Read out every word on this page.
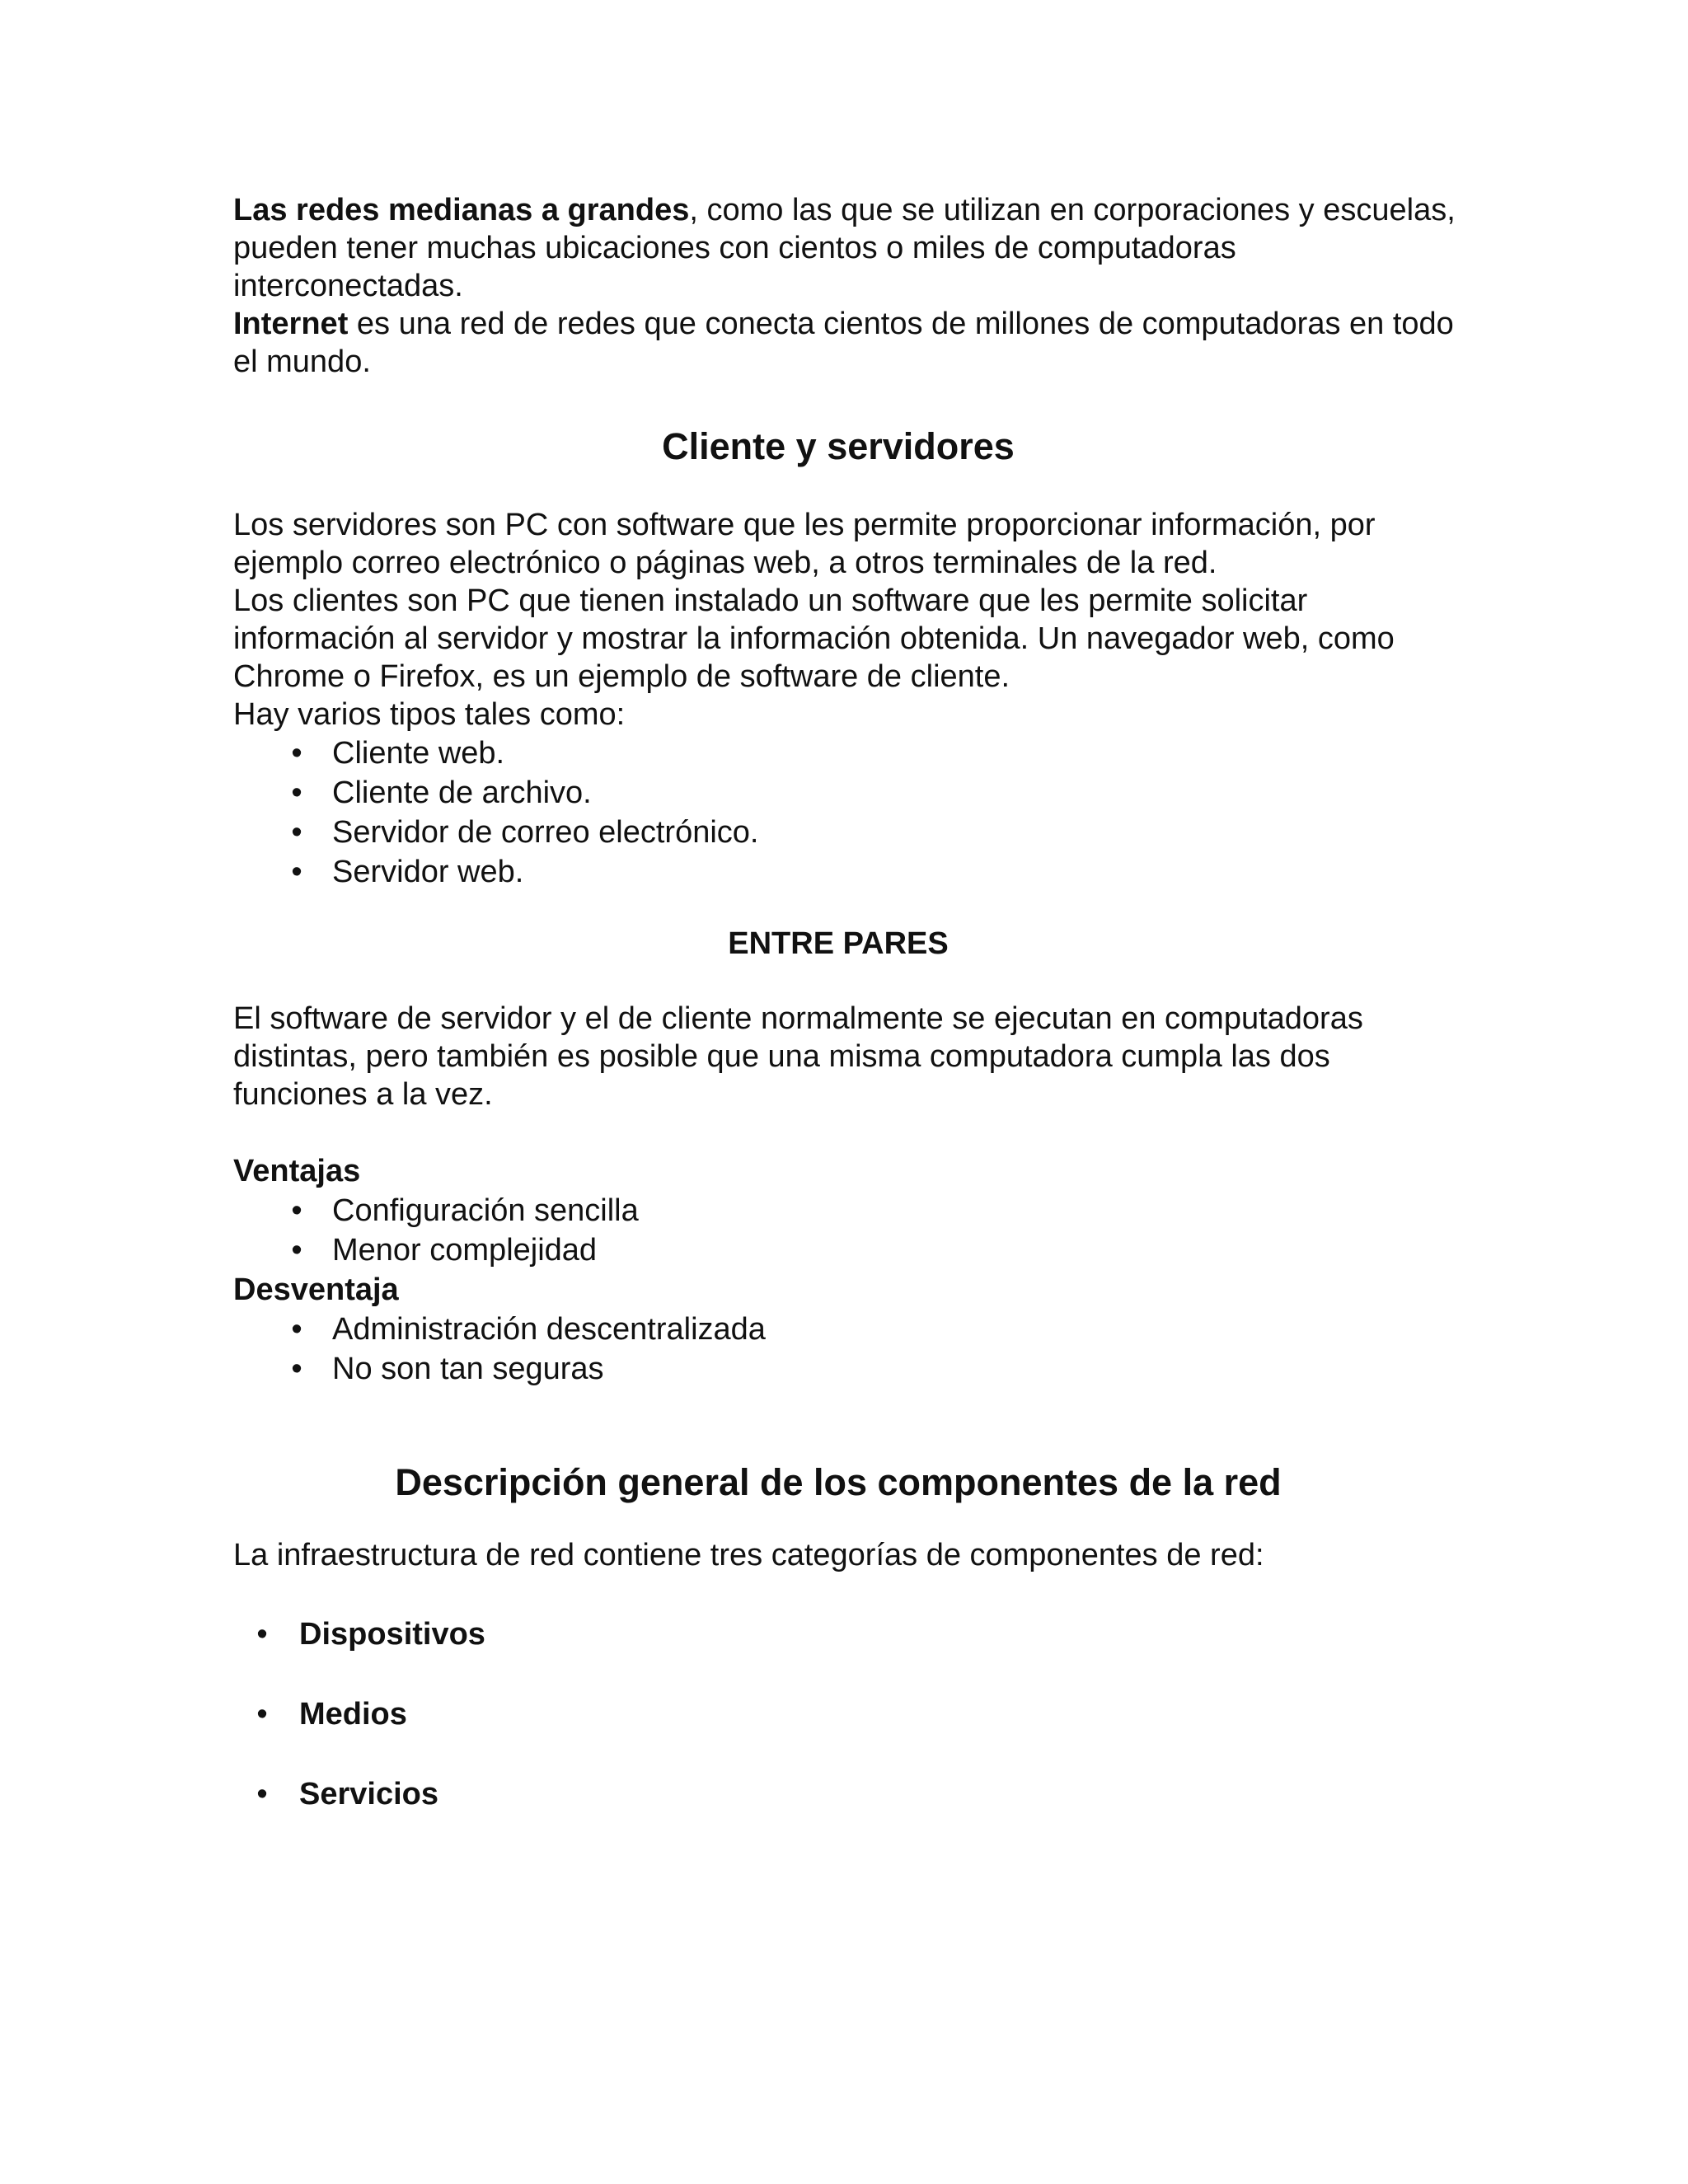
Las redes medianas a grandes, como las que se utilizan en corporaciones y escuelas, pueden tener muchas ubicaciones con cientos o miles de computadoras interconectadas.

Internet es una red de redes que conecta cientos de millones de computadoras en todo el mundo.

Cliente y servidores

Los servidores son PC con software que les permite proporcionar información, por ejemplo correo electrónico o páginas web, a otros terminales de la red.

Los clientes son PC que tienen instalado un software que les permite solicitar información al servidor y mostrar la información obtenida. Un navegador web, como Chrome o Firefox, es un ejemplo de software de cliente.

Hay varios tipos tales como:

• Cliente web.
• Cliente de archivo.
• Servidor de correo electrónico.
• Servidor web.
ENTRE PARES

El software de servidor y el de cliente normalmente se ejecutan en computadoras distintas, pero también es posible que una misma computadora cumpla las dos funciones a la vez.

Ventajas
• Configuración sencilla
• Menor complejidad
Desventaja
• Administración descentralizada
• No son tan seguras
Descripción general de los componentes de la red

La infraestructura de red contiene tres categorías de componentes de red:

• Dispositivos
• Medios
• Servicios
